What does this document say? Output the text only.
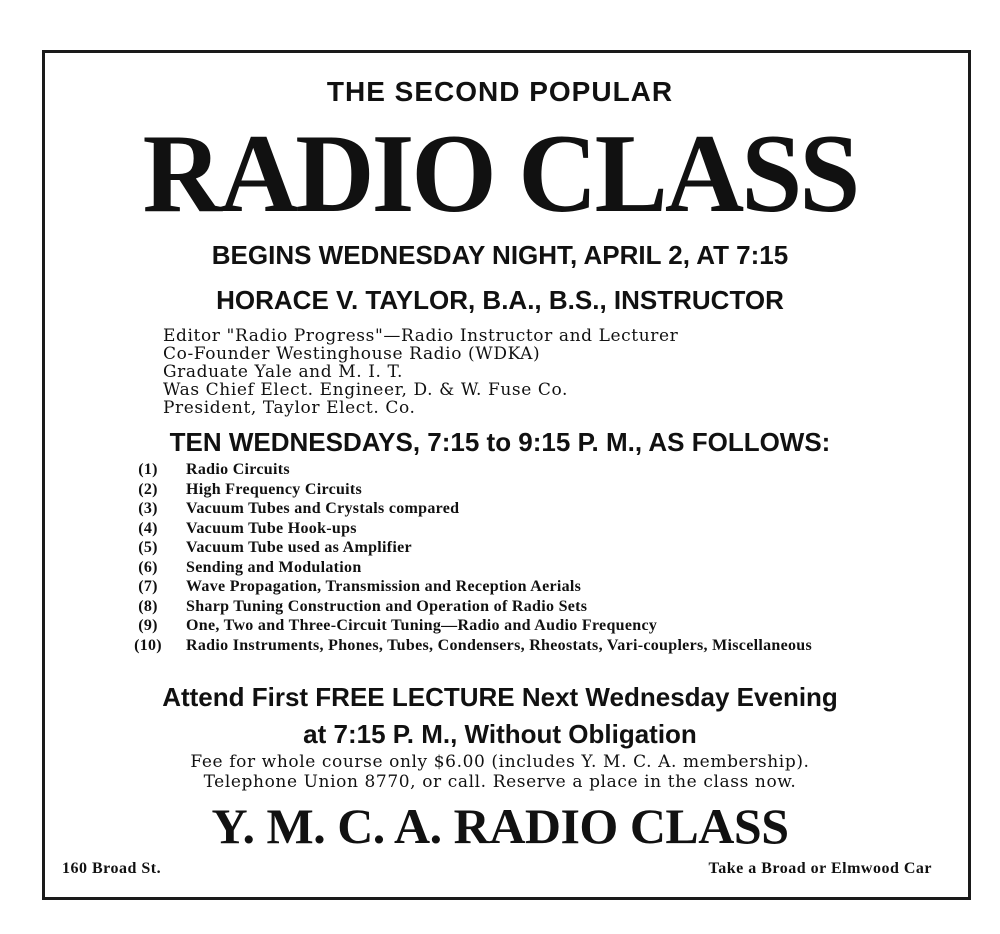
THE SECOND POPULAR
RADIO CLASS
BEGINS WEDNESDAY NIGHT, APRIL 2, AT 7:15
HORACE V. TAYLOR, B.A., B.S., INSTRUCTOR
Editor "Radio Progress"—Radio Instructor and Lecturer
Co-Founder Westinghouse Radio (WDKA)
Graduate Yale and M. I. T.
Was Chief Elect. Engineer, D. & W. Fuse Co.
President, Taylor Elect. Co.
TEN WEDNESDAYS, 7:15 to 9:15 P. M., AS FOLLOWS:
(1)	Radio Circuits
(2)	High Frequency Circuits
(3)	Vacuum Tubes and Crystals compared
(4)	Vacuum Tube Hook-ups
(5)	Vacuum Tube used as Amplifier
(6)	Sending and Modulation
(7)	Wave Propagation, Transmission and Reception Aerials
(8)	Sharp Tuning Construction and Operation of Radio Sets
(9)	One, Two and Three-Circuit Tuning—Radio and Audio Frequency
(10)	Radio Instruments, Phones, Tubes, Condensers, Rheostats, Vari-couplers, Miscellaneous
Attend First FREE LECTURE Next Wednesday Evening
at 7:15 P. M., Without Obligation
Fee for whole course only $6.00 (includes Y. M. C. A. membership).
Telephone Union 8770, or call. Reserve a place in the class now.
Y. M. C. A. RADIO CLASS
160 Broad St.	Take a Broad or Elmwood Car
